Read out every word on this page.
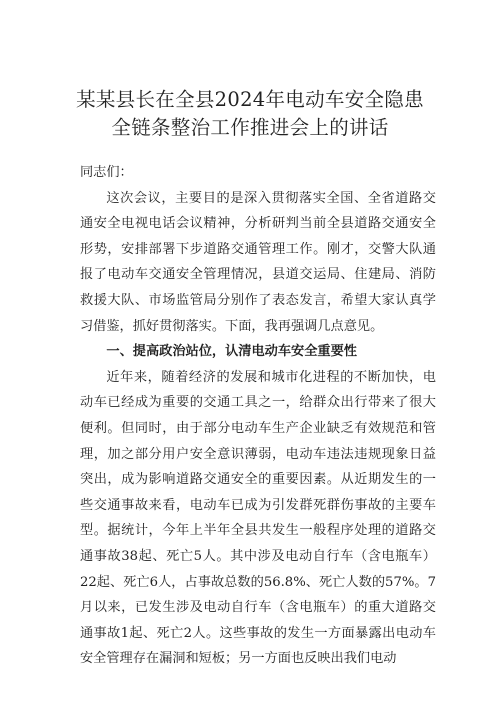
某某县长在全县2024年电动车安全隐患
全链条整治工作推进会上的讲话

同志们：

这次会议，主要目的是深入贯彻落实全国、全省道路交通安全电视电话会议精神，分析研判当前全县道路交通安全形势，安排部署下步道路交通管理工作。刚才，交警大队通报了电动车交通安全管理情况，县道交运局、住建局、消防救援大队、市场监管局分别作了表态发言，希望大家认真学习借鉴，抓好贯彻落实。下面，我再强调几点意见。

一、提高政治站位，认清电动车安全重要性

近年来，随着经济的发展和城市化进程的不断加快，电动车已经成为重要的交通工具之一，给群众出行带来了很大便利。但同时，由于部分电动车生产企业缺乏有效规范和管理，加之部分用户安全意识薄弱，电动车违法违规现象日益突出，成为影响道路交通安全的重要因素。从近期发生的一些交通事故来看，电动车已成为引发群死群伤事故的主要车型。据统计，今年上半年全县共发生一般程序处理的道路交通事故38起、死亡5人。其中涉及电动自行车（含电瓶车）22起、死亡6人，占事故总数的56.8%、死亡人数的57%。7月以来，已发生涉及电动自行车（含电瓶车）的重大道路交通事故1起、死亡2人。这些事故的发生一方面暴露出电动车安全管理存在漏洞和短板；另一方面也反映出我们电动
